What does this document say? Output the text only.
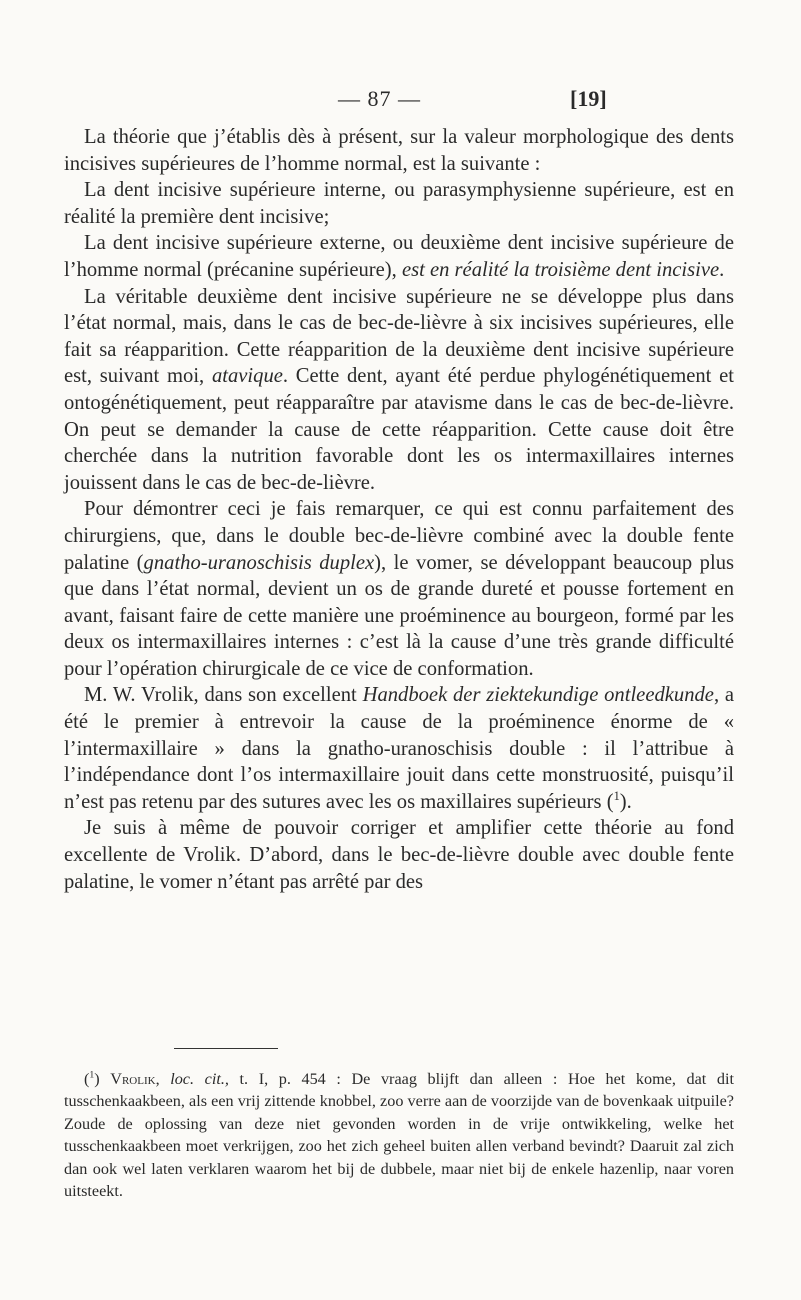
— 87 —	[19]

La théorie que j’établis dès à présent, sur la valeur morphologique des dents incisives supérieures de l’homme normal, est la suivante :

La dent incisive supérieure interne, ou parasymphysienne supérieure, est en réalité la première dent incisive;

La dent incisive supérieure externe, ou deuxième dent incisive supérieure de l’homme normal (précanine supérieure), est en réalité la troisième dent incisive.

La véritable deuxième dent incisive supérieure ne se développe plus dans l’état normal, mais, dans le cas de bec-de-lièvre à six incisives supérieures, elle fait sa réapparition. Cette réapparition de la deuxième dent incisive supérieure est, suivant moi, atavique. Cette dent, ayant été perdue phylogénétiquement et ontogénétiquement, peut réapparaître par atavisme dans le cas de bec-de-lièvre. On peut se demander la cause de cette réapparition. Cette cause doit être cherchée dans la nutrition favorable dont les os intermaxillaires internes jouissent dans le cas de bec-de-lièvre.

Pour démontrer ceci je fais remarquer, ce qui est connu parfaitement des chirurgiens, que, dans le double bec-de-lièvre combiné avec la double fente palatine (gnatho-uranoschisis duplex), le vomer, se développant beaucoup plus que dans l’état normal, devient un os de grande dureté et pousse fortement en avant, faisant faire de cette manière une proéminence au bourgeon, formé par les deux os intermaxillaires internes : c’est là la cause d’une très grande difficulté pour l’opération chirurgicale de ce vice de conformation.

M. W. Vrolik, dans son excellent Handboek der ziektekundige ontleedkunde, a été le premier à entrevoir la cause de la proéminence énorme de « l’intermaxillaire » dans la gnatho-uranoschisis double : il l’attribue à l’indépendance dont l’os intermaxillaire jouit dans cette monstruosité, puisqu’il n’est pas retenu par des sutures avec les os maxillaires supérieurs ($^1$).

Je suis à même de pouvoir corriger et amplifier cette théorie au fond excellente de Vrolik. D’abord, dans le bec-de-lièvre double avec double fente palatine, le vomer n’étant pas arrêté par des

($^1$) Vrolik, loc. cit., t. I, p. 454 : De vraag blijft dan alleen : Hoe het kome, dat dit tusschenkaakbeen, als een vrij zittende knobbel, zoo verre aan de voorzijde van de bovenkaak uitpuile? Zoude de oplossing van deze niet gevonden worden in de vrije ontwikkeling, welke het tusschenkaakbeen moet verkrijgen, zoo het zich geheel buiten allen verband bevindt? Daaruit zal zich dan ook wel laten verklaren waarom het bij de dubbele, maar niet bij de enkele hazenlip, naar voren uitsteekt.
